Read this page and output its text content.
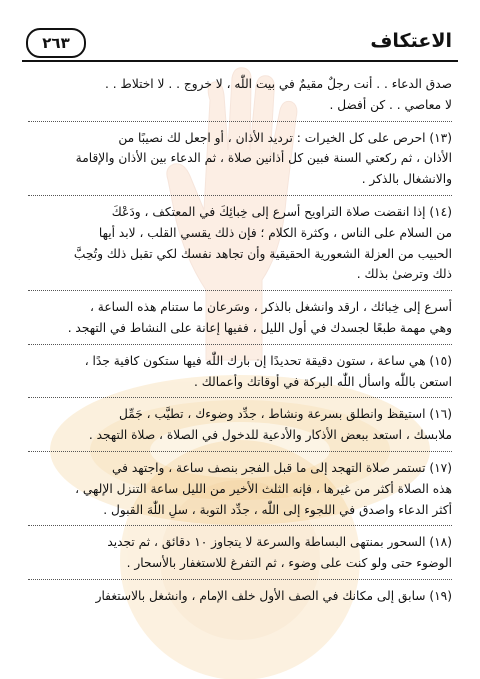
٢٦٣	الاعتكاف
صدق الدعاء . . أنت رجلٌ مقيمٌ في بيت اللّٰه ، لا خروج . . لا اختلاط . .
لا معاصي . . كن أفضل .
(١٣) احرص على كل الخيرات : ترديد الأذان ، أو اجعل لك نصيبًا من
الأذان ، ثم ركعتي السنة فبين كل أذانين صلاة ، ثم الدعاء بين الأذان والإقامة
والانشغال بالذكر .
(١٤) إذا انقضت صلاة التراويح أسرع إلى خِبائِكَ في المعتكف ، ودَعْكَ
من السلام على الناس ، وكثرة الكلام ؛ فإن ذلك يقسي القلب ، لابد أيها
الحبيب من العزلة الشعورية الحقيقية وأن تجاهد نفسك لكي تقبل ذلك وتُحِبَّ
ذلك وترضىٰ بذلك .
أسرع إلى خِبائك ، ارقد وانشغل بالذكر ، وسَرعان ما ستنام هذه الساعة ،
وهي مهمة طبعًا لجسدك في أول الليل ، ففيها إعانة على النشاط في التهجد .
(١٥) هي ساعة ، ستون دقيقة تحديدًا إن بارك اللّٰه فيها ستكون كافية جدًا ،
استعن باللّٰه واسأل اللّٰه البركة في أوقاتك وأعمالك .
(١٦) استيقظ وانطلق بسرعة ونشاط ، جدِّد وضوءك ، تطيَّب ، جَمِّل
ملابسك ، استعد ببعض الأذكار والأدعية للدخول في الصلاة ، صلاة التهجد .
(١٧) تستمر صلاة التهجد إلى ما قبل الفجر بنصف ساعة ، واجتهد في
هذه الصلاة أكثر من غيرها ، فإنه الثلث الأخير من الليل ساعة التنزل الإلهي ،
أكثر الدعاء واصدق في اللجوء إلى اللّٰه ، جدِّد التوبة ، سلِ اللّٰهَ القبول .
(١٨) السحور بمنتهى البساطة والسرعة لا يتجاوز ١٠ دقائق ، ثم تجديد
الوضوء حتى ولو كنت على وضوء ، ثم التفرغ للاستغفار بالأسحار .
(١٩) سابق إلى مكانك في الصف الأول خلف الإمام ، وانشغل بالاستغفار
